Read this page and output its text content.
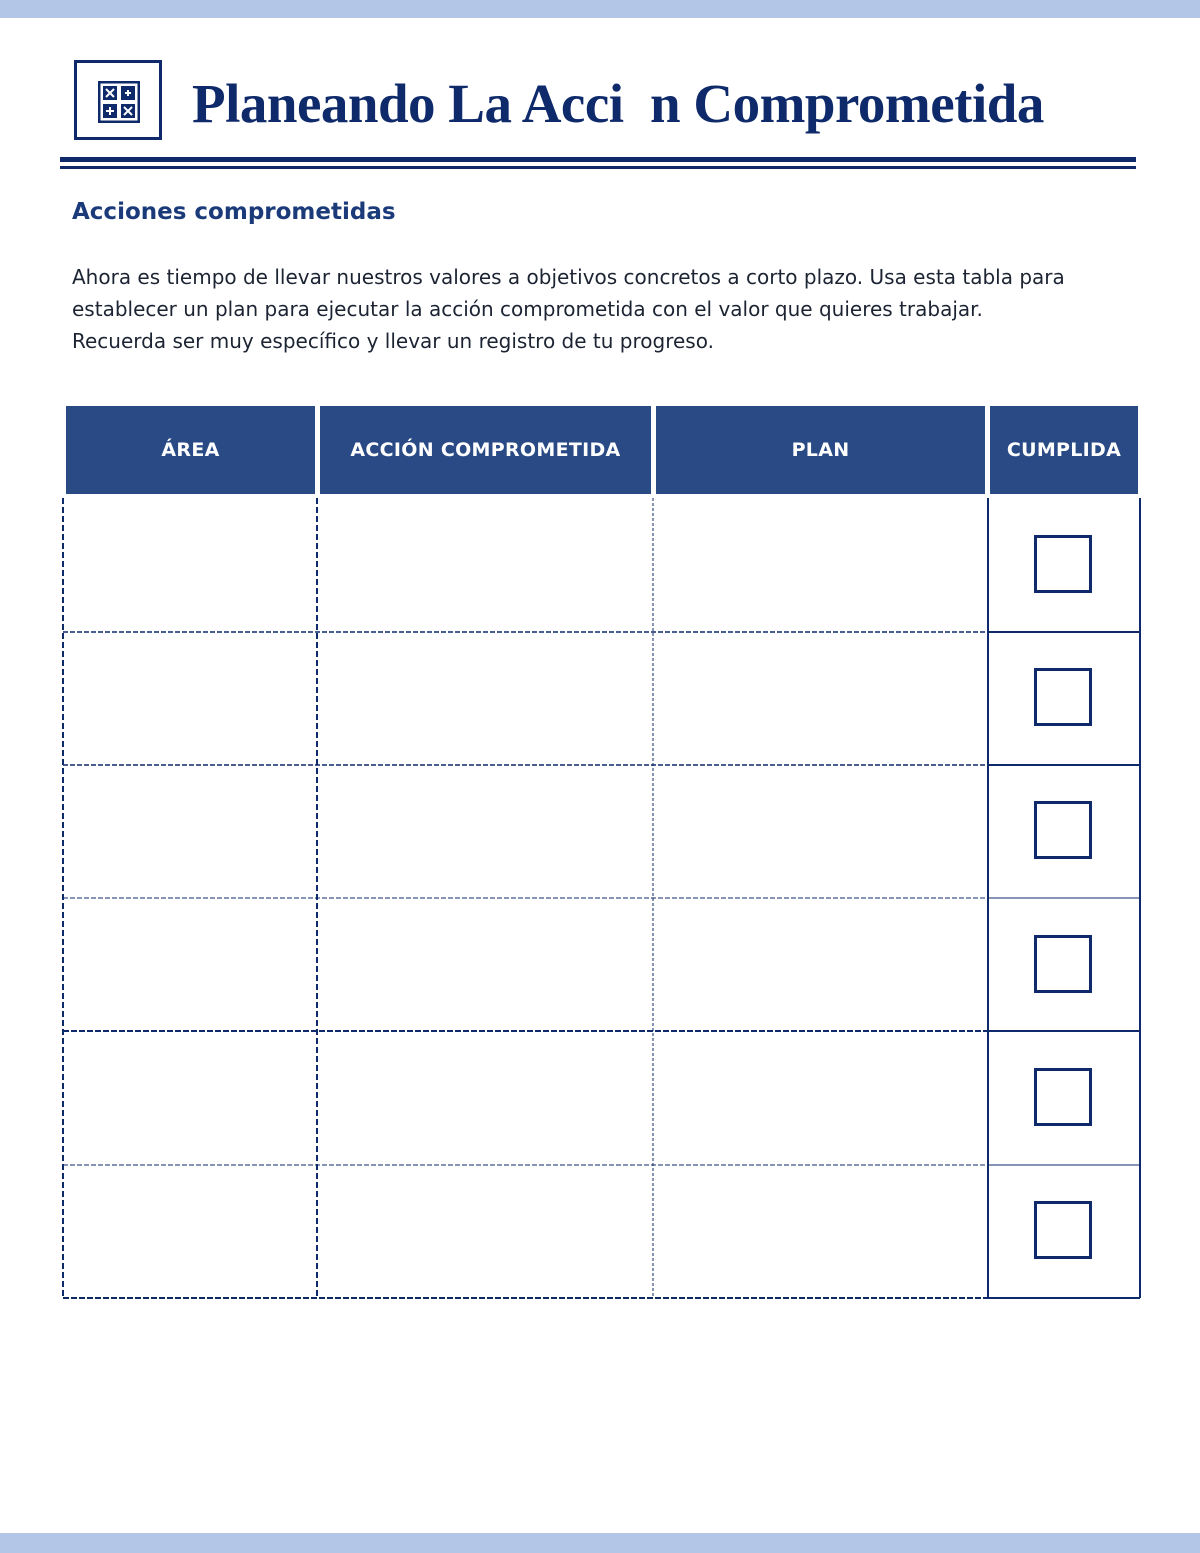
Planeando La Acci  n Comprometida
Acciones comprometidas

Ahora es tiempo de llevar nuestros valores a objetivos concretos a corto plazo. Usa esta tabla para

establecer un plan para ejecutar la acción comprometida con el valor que quieres trabajar.

Recuerda ser muy específico y llevar un registro de tu progreso.

ÁREA	ACCIÓN COMPROMETIDA	PLAN	CUMPLIDA
